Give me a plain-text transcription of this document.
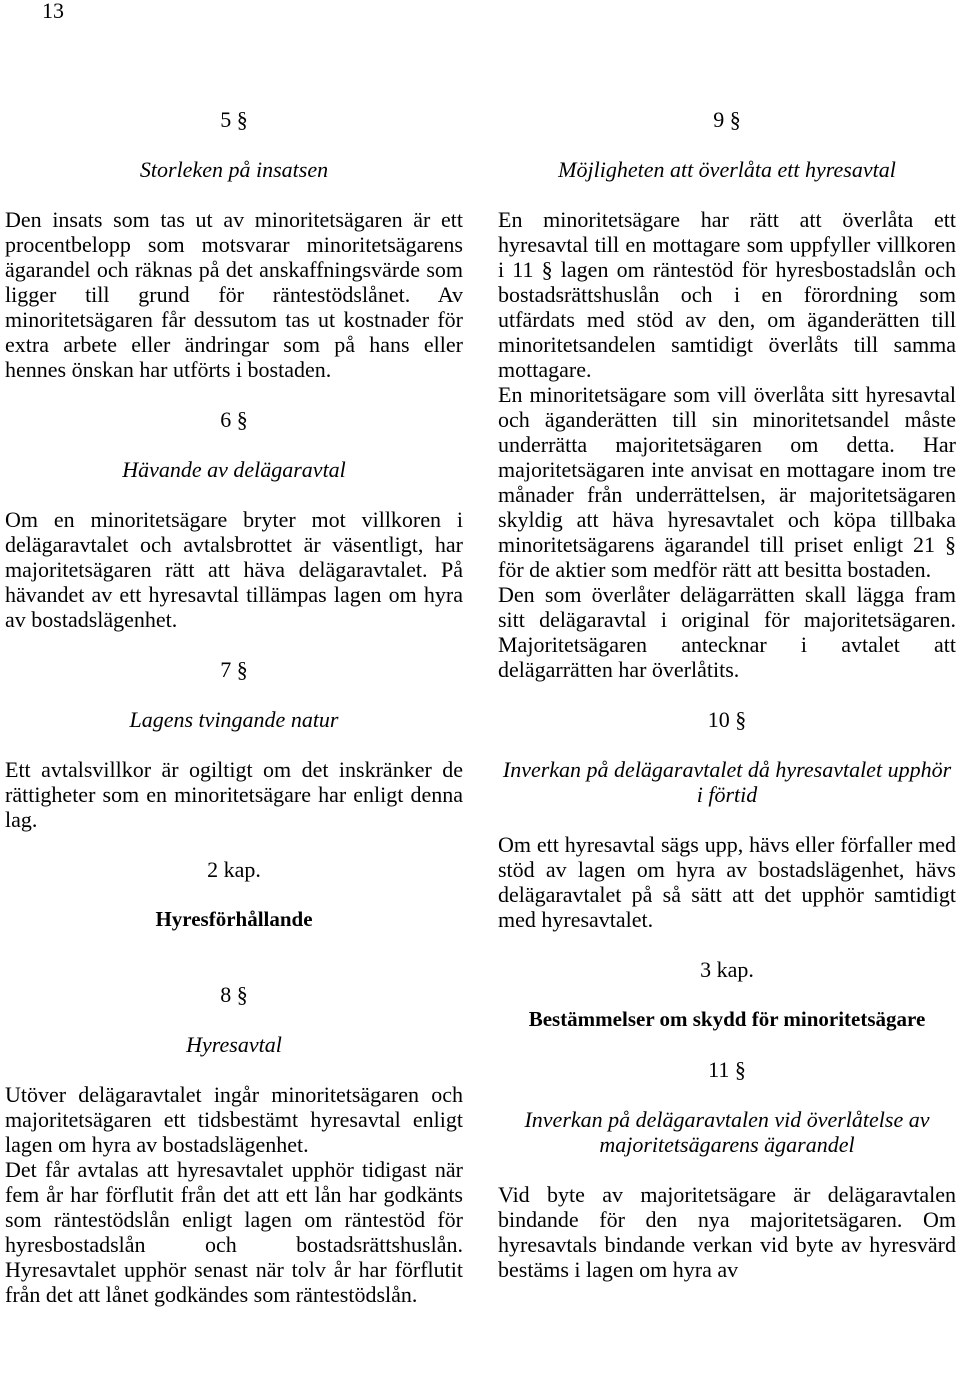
13
5 §
Storleken på insatsen
Den insats som tas ut av minoritetsägaren är ett procentbelopp som motsvarar minoritetsägarens ägarandel och räknas på det anskaffningsvärde som ligger till grund för räntestödslånet. Av minoritetsägaren får dessutom tas ut kostnader för extra arbete eller ändringar som på hans eller hennes önskan har utförts i bostaden.
6 §
Hävande av delägaravtal
Om en minoritetsägare bryter mot villkoren i delägaravtalet och avtalsbrottet är väsentligt, har majoritetsägaren rätt att häva delägaravtalet. På hävandet av ett hyresavtal tillämpas lagen om hyra av bostadslägenhet.
7 §
Lagens tvingande natur
Ett avtalsvillkor är ogiltigt om det inskränker de rättigheter som en minoritetsägare har enligt denna lag.
2 kap.
Hyresförhållande
8 §
Hyresavtal
Utöver delägaravtalet ingår minoritetsägaren och majoritetsägaren ett tidsbestämt hyresavtal enligt lagen om hyra av bostadslägenhet.
Det får avtalas att hyresavtalet upphör tidigast när fem år har förflutit från det att ett lån har godkänts som räntestödslån enligt lagen om räntestöd för hyresbostadslån och bostadsrättshuslån. Hyresavtalet upphör senast när tolv år har förflutit från det att lånet godkändes som räntestödslån.
9 §
Möjligheten att överlåta ett hyresavtal
En minoritetsägare har rätt att överlåta ett hyresavtal till en mottagare som uppfyller villkoren i 11 § lagen om räntestöd för hyresbostadslån och bostadsrättshuslån och i en förordning som utfärdats med stöd av den, om äganderätten till minoritetsandelen samtidigt överlåts till samma mottagare.
En minoritetsägare som vill överlåta sitt hyresavtal och äganderätten till sin minoritetsandel måste underrätta majoritetsägaren om detta. Har majoritetsägaren inte anvisat en mottagare inom tre månader från underrättelsen, är majoritetsägaren skyldig att häva hyresavtalet och köpa tillbaka minoritetsägarens ägarandel till priset enligt 21 § för de aktier som medför rätt att besitta bostaden.
Den som överlåter delägarrätten skall lägga fram sitt delägaravtal i original för majoritetsägaren. Majoritetsägaren antecknar i avtalet att delägarrätten har överlåtits.
10 §
Inverkan på delägaravtalet då hyresavtalet upphör i förtid
Om ett hyresavtal sägs upp, hävs eller förfaller med stöd av lagen om hyra av bostadslägenhet, hävs delägaravtalet på så sätt att det upphör samtidigt med hyresavtalet.
3 kap.
Bestämmelser om skydd för minoritetsägare
11 §
Inverkan på delägaravtalen vid överlåtelse av majoritetsägarens ägarandel
Vid byte av majoritetsägare är delägaravtalen bindande för den nya majoritetsägaren. Om hyresavtals bindande verkan vid byte av hyresvärd bestäms i lagen om hyra av
